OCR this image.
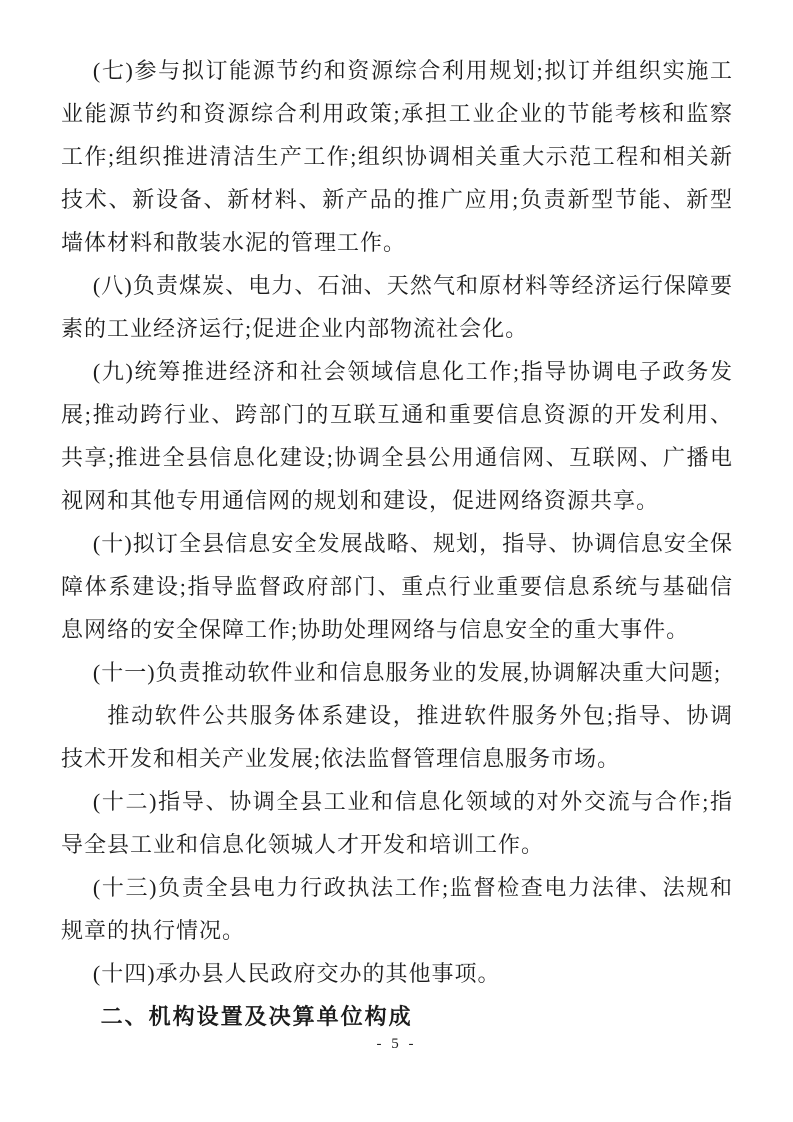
(七)参与拟订能源节约和资源综合利用规划;拟订并组织实施工业能源节约和资源综合利用政策;承担工业企业的节能考核和监察工作;组织推进清洁生产工作;组织协调相关重大示范工程和相关新技术、新设备、新材料、新产品的推广应用;负责新型节能、新型墙体材料和散装水泥的管理工作。

(八)负责煤炭、电力、石油、天然气和原材料等经济运行保障要素的工业经济运行;促进企业内部物流社会化。

(九)统筹推进经济和社会领域信息化工作;指导协调电子政务发展;推动跨行业、跨部门的互联互通和重要信息资源的开发利用、共享;推进全县信息化建设;协调全县公用通信网、互联网、广播电视网和其他专用通信网的规划和建设，促进网络资源共享。

(十)拟订全县信息安全发展战略、规划，指导、协调信息安全保障体系建设;指导监督政府部门、重点行业重要信息系统与基础信息网络的安全保障工作;协助处理网络与信息安全的重大事件。

(十一)负责推动软件业和信息服务业的发展,协调解决重大问题;

推动软件公共服务体系建设，推进软件服务外包;指导、协调技术开发和相关产业发展;依法监督管理信息服务市场。

(十二)指导、协调全县工业和信息化领域的对外交流与合作;指导全县工业和信息化领城人才开发和培训工作。

(十三)负责全县电力行政执法工作;监督检查电力法律、法规和规章的执行情况。

(十四)承办县人民政府交办的其他事项。

二、机构设置及决算单位构成

- 5 -
